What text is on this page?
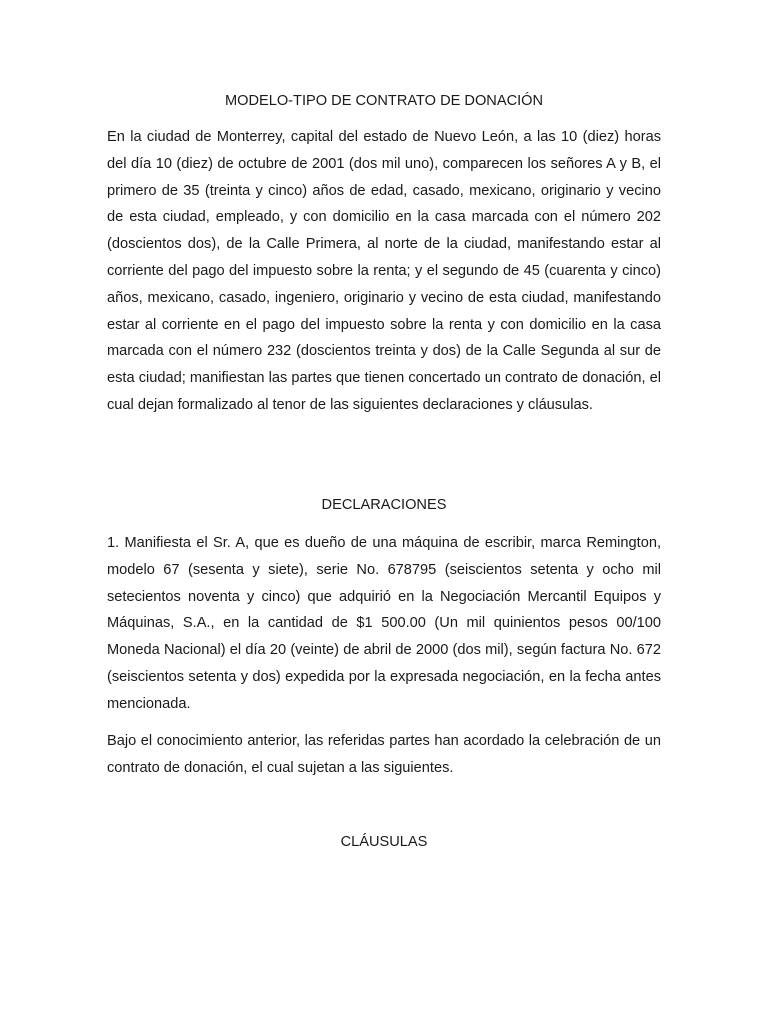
MODELO-TIPO DE CONTRATO DE DONACIÓN

En la ciudad de Monterrey, capital del estado de Nuevo León, a las 10 (diez) horas del día 10 (diez) de octubre de 2001 (dos mil uno), comparecen los señores A y B, el primero de 35 (treinta y cinco) años de edad, casado, mexicano, originario y vecino de esta ciudad, empleado, y con domicilio en la casa marcada con el número 202 (doscientos dos), de la Calle Primera, al norte de la ciudad, manifestando estar al corriente del pago del impuesto sobre la renta; y el segundo de 45 (cuarenta y cinco) años, mexicano, casado, ingeniero, originario y vecino de esta ciudad, manifestando estar al corriente en el pago del impuesto sobre la renta y con domicilio en la casa marcada con el número 232 (doscientos treinta y dos) de la Calle Segunda al sur de esta ciudad; manifiestan las partes que tienen concertado un contrato de donación, el cual dejan formalizado al tenor de las siguientes declaraciones y cláusulas.

DECLARACIONES

1. Manifiesta el Sr. A, que es dueño de una máquina de escribir, marca Remington, modelo 67 (sesenta y siete), serie No. 678795 (seiscientos setenta y ocho mil setecientos noventa y cinco) que adquirió en la Negociación Mercantil Equipos y Máquinas, S.A., en la cantidad de $1 500.00 (Un mil quinientos pesos 00/100 Moneda Nacional) el día 20 (veinte) de abril de 2000 (dos mil), según factura No. 672 (seiscientos setenta y dos) expedida por la expresada negociación, en la fecha antes mencionada.

Bajo el conocimiento anterior, las referidas partes han acordado la celebración de un contrato de donación, el cual sujetan a las siguientes.

CLÁUSULAS
